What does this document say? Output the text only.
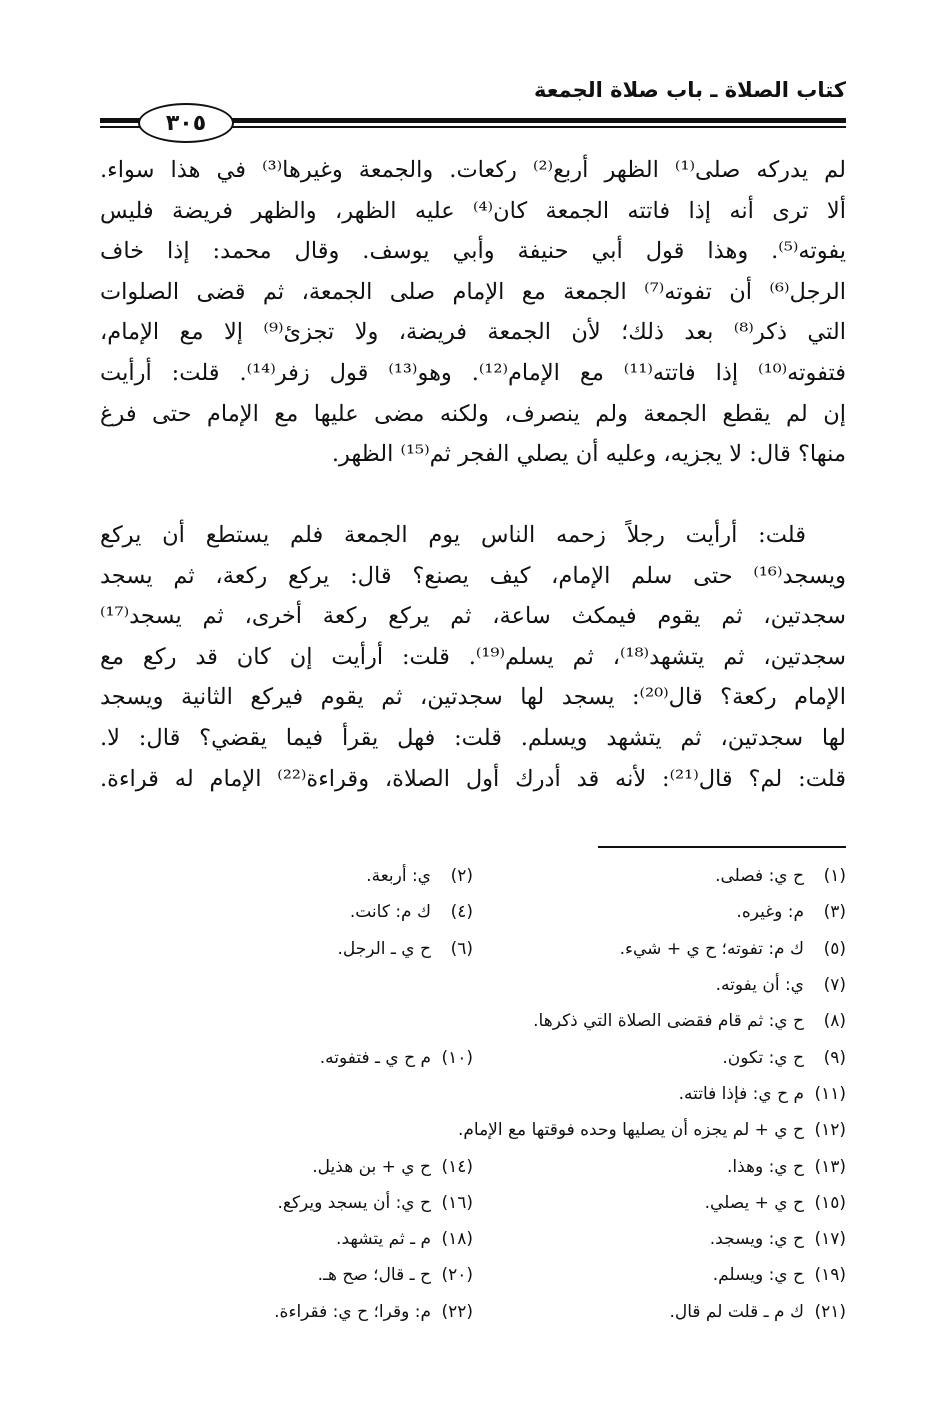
كتاب الصلاة ـ باب صلاة الجمعة
٣٠٥
لم يدركه صلى⁽¹⁾ الظهر أربع⁽²⁾ ركعات. والجمعة وغيرها⁽³⁾ في هذا سواء.
ألا ترى أنه إذا فاتته الجمعة كان⁽⁴⁾ عليه الظهر، والظهر فريضة فليس
يفوته⁽⁵⁾. وهذا قول أبي حنيفة وأبي يوسف. وقال محمد: إذا خاف
الرجل⁽⁶⁾ أن تفوته⁽⁷⁾ الجمعة مع الإمام صلى الجمعة، ثم قضى الصلوات
التي ذكر⁽⁸⁾ بعد ذلك؛ لأن الجمعة فريضة، ولا تجزئ⁽⁹⁾ إلا مع الإمام،
فتفوته⁽¹⁰⁾ إذا فاتته⁽¹¹⁾ مع الإمام⁽¹²⁾. وهو⁽¹³⁾ قول زفر⁽¹⁴⁾. قلت: أرأيت
إن لم يقطع الجمعة ولم ينصرف، ولكنه مضى عليها مع الإمام حتى فرغ
منها؟ قال: لا يجزيه، وعليه أن يصلي الفجر ثم⁽¹⁵⁾ الظهر.
قلت: أرأيت رجلاً زحمه الناس يوم الجمعة فلم يستطع أن يركع
ويسجد⁽¹⁶⁾ حتى سلم الإمام، كيف يصنع؟ قال: يركع ركعة، ثم يسجد
سجدتين، ثم يقوم فيمكث ساعة، ثم يركع ركعة أخرى، ثم يسجد⁽¹⁷⁾
سجدتين، ثم يتشهد⁽¹⁸⁾، ثم يسلم⁽¹⁹⁾. قلت: أرأيت إن كان قد ركع مع
الإمام ركعة؟ قال⁽²⁰⁾: يسجد لها سجدتين، ثم يقوم فيركع الثانية ويسجد
لها سجدتين، ثم يتشهد ويسلم. قلت: فهل يقرأ فيما يقضي؟ قال: لا.
قلت: لم؟ قال⁽²¹⁾: لأنه قد أدرك أول الصلاة، وقراءة⁽²²⁾ الإمام له قراءة.
(١)ح ي: فصلى.
(٢)ي: أربعة.
(٣)م: وغيره.
(٤)ك م: كانت.
(٥)ك م: تفوته؛ ح ي + شيء.
(٦)ح ي ـ الرجل.
(٧)ي: أن يفوته.
(٨)ح ي: ثم قام فقضى الصلاة التي ذكرها.
(٩)ح ي: تكون.
(١٠)م ح ي ـ فتفوته.
(١١)م ح ي: فإذا فاتته.
(١٢)ح ي + لم يجزه أن يصليها وحده فوقتها مع الإمام.
(١٣)ح ي: وهذا.
(١٤)ح ي + بن هذيل.
(١٥)ح ي + يصلي.
(١٦)ح ي: أن يسجد ويركع.
(١٧)ح ي: ويسجد.
(١٨)م ـ ثم يتشهد.
(١٩)ح ي: ويسلم.
(٢٠)ح ـ قال؛ صح هـ.
(٢١)ك م ـ قلت لم قال.
(٢٢)م: وقرا؛ ح ي: فقراءة.
